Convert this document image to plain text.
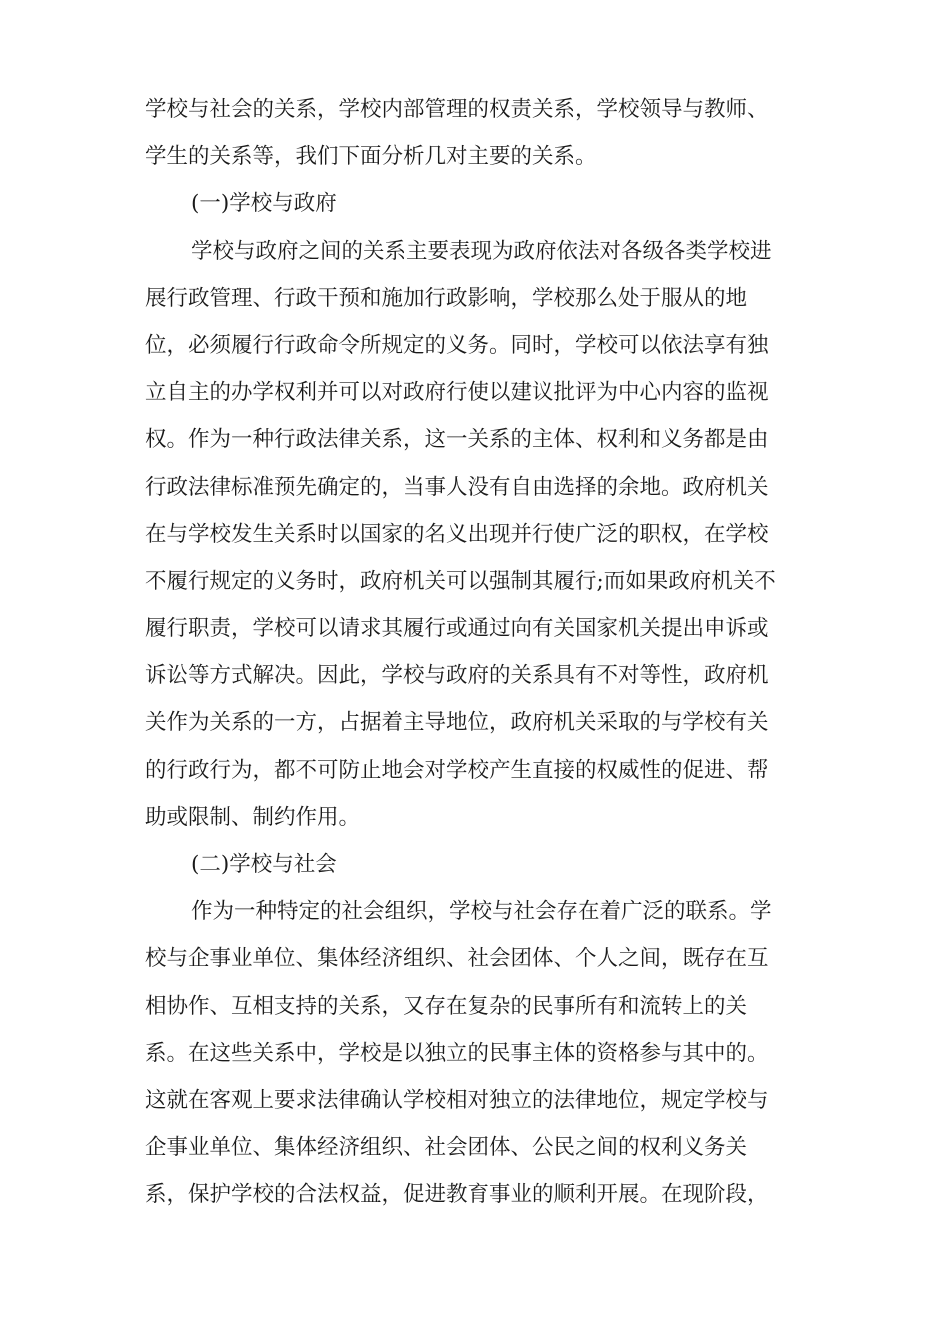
学校与社会的关系，学校内部管理的权责关系，学校领导与教师、
学生的关系等，我们下面分析几对主要的关系。
(一)学校与政府
学校与政府之间的关系主要表现为政府依法对各级各类学校进
展行政管理、行政干预和施加行政影响，学校那么处于服从的地
位，必须履行行政命令所规定的义务。同时，学校可以依法享有独
立自主的办学权利并可以对政府行使以建议批评为中心内容的监视
权。作为一种行政法律关系，这一关系的主体、权利和义务都是由
行政法律标准预先确定的，当事人没有自由选择的余地。政府机关
在与学校发生关系时以国家的名义出现并行使广泛的职权，在学校
不履行规定的义务时，政府机关可以强制其履行;而如果政府机关不
履行职责，学校可以请求其履行或通过向有关国家机关提出申诉或
诉讼等方式解决。因此，学校与政府的关系具有不对等性，政府机
关作为关系的一方，占据着主导地位，政府机关采取的与学校有关
的行政行为，都不可防止地会对学校产生直接的权威性的促进、帮
助或限制、制约作用。
(二)学校与社会
作为一种特定的社会组织，学校与社会存在着广泛的联系。学
校与企事业单位、集体经济组织、社会团体、个人之间，既存在互
相协作、互相支持的关系，又存在复杂的民事所有和流转上的关
系。在这些关系中，学校是以独立的民事主体的资格参与其中的。
这就在客观上要求法律确认学校相对独立的法律地位，规定学校与
企事业单位、集体经济组织、社会团体、公民之间的权利义务关
系，保护学校的合法权益，促进教育事业的顺利开展。在现阶段，
